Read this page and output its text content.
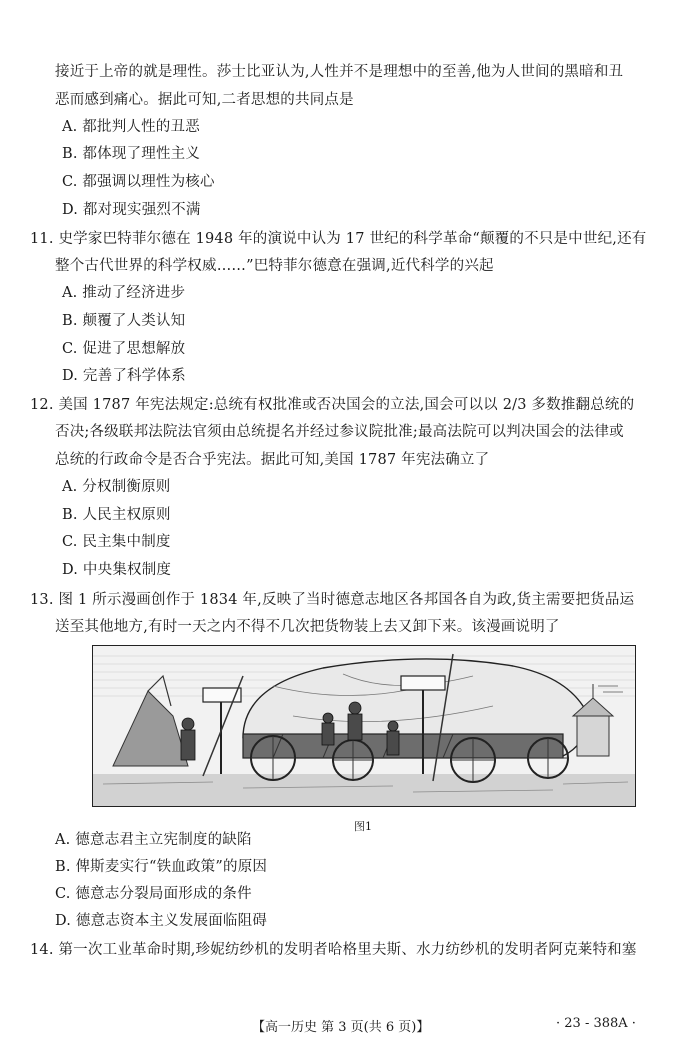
接近于上帝的就是理性。莎士比亚认为,人性并不是理想中的至善,他为人世间的黑暗和丑
恶而感到痛心。据此可知,二者思想的共同点是
A. 都批判人性的丑恶
B. 都体现了理性主义
C. 都强调以理性为核心
D. 都对现实强烈不满
11. 史学家巴特菲尔德在 1948 年的演说中认为 17 世纪的科学革命“颠覆的不只是中世纪,还有
整个古代世界的科学权威……”巴特菲尔德意在强调,近代科学的兴起
A. 推动了经济进步
B. 颠覆了人类认知
C. 促进了思想解放
D. 完善了科学体系
12. 美国 1787 年宪法规定:总统有权批准或否决国会的立法,国会可以以 2/3 多数推翻总统的
否决;各级联邦法院法官须由总统提名并经过参议院批准;最高法院可以判决国会的法律或
总统的行政命令是否合乎宪法。据此可知,美国 1787 年宪法确立了
A. 分权制衡原则
B. 人民主权原则
C. 民主集中制度
D. 中央集权制度
13. 图 1 所示漫画创作于 1834 年,反映了当时德意志地区各邦国各自为政,货主需要把货品运
送至其他地方,有时一天之内不得不几次把货物装上去又卸下来。该漫画说明了
图1
A. 德意志君主立宪制度的缺陷
B. 俾斯麦实行“铁血政策”的原因
C. 德意志分裂局面形成的条件
D. 德意志资本主义发展面临阻碍
14. 第一次工业革命时期,珍妮纺纱机的发明者哈格里夫斯、水力纺纱机的发明者阿克莱特和塞
【高一历史 第 3 页(共 6 页)】	· 23 - 388A ·
